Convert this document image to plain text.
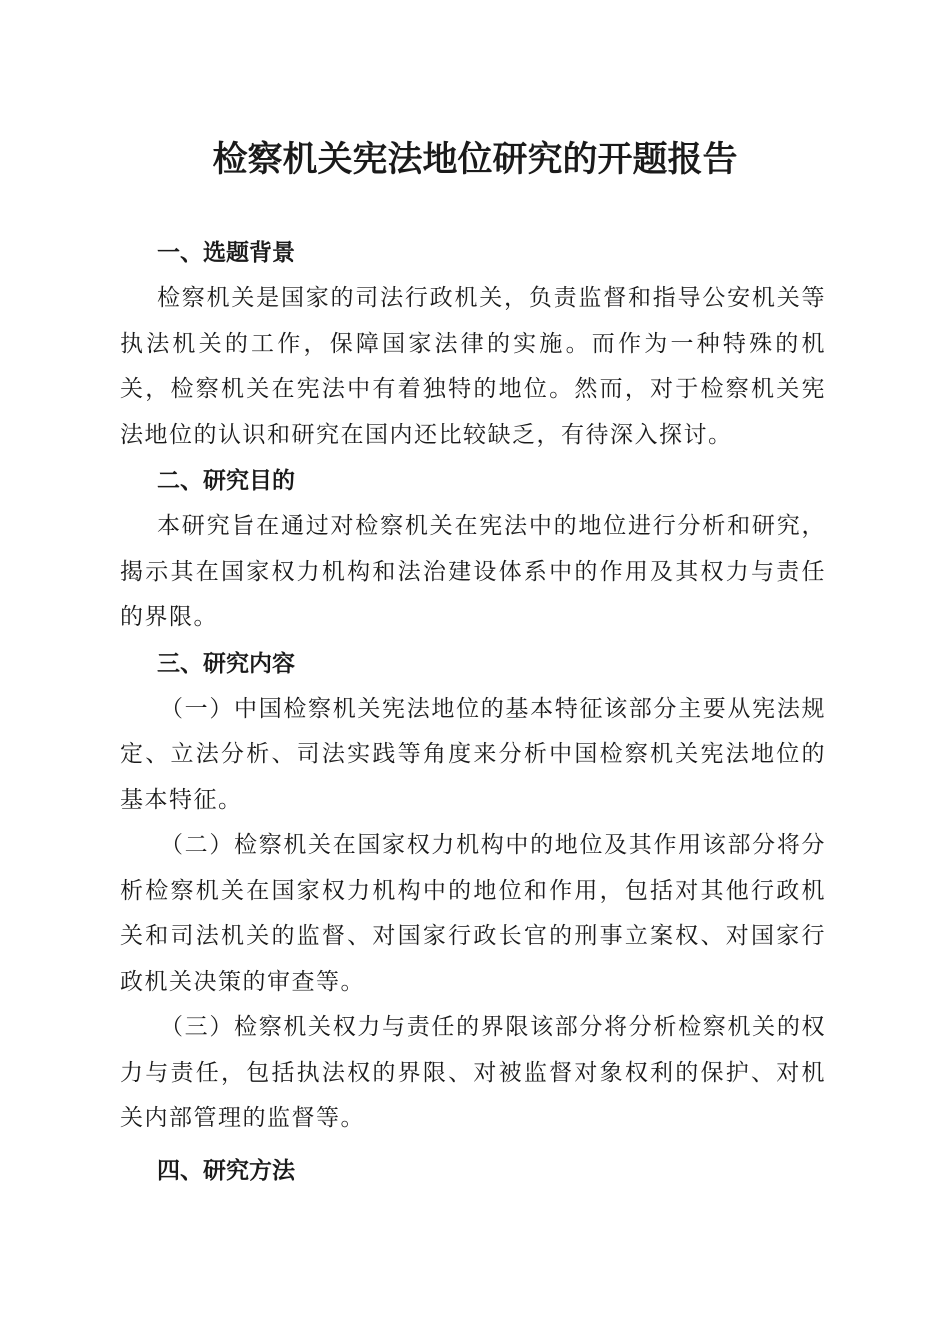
检察机关宪法地位研究的开题报告
一、选题背景

检察机关是国家的司法行政机关，负责监督和指导公安机关等执法机关的工作，保障国家法律的实施。而作为一种特殊的机关，检察机关在宪法中有着独特的地位。然而，对于检察机关宪法地位的认识和研究在国内还比较缺乏，有待深入探讨。

二、研究目的

本研究旨在通过对检察机关在宪法中的地位进行分析和研究，揭示其在国家权力机构和法治建设体系中的作用及其权力与责任的界限。

三、研究内容

（一）中国检察机关宪法地位的基本特征该部分主要从宪法规定、立法分析、司法实践等角度来分析中国检察机关宪法地位的基本特征。

（二）检察机关在国家权力机构中的地位及其作用该部分将分析检察机关在国家权力机构中的地位和作用，包括对其他行政机关和司法机关的监督、对国家行政长官的刑事立案权、对国家行政机关决策的审查等。

（三）检察机关权力与责任的界限该部分将分析检察机关的权力与责任，包括执法权的界限、对被监督对象权利的保护、对机关内部管理的监督等。

四、研究方法
